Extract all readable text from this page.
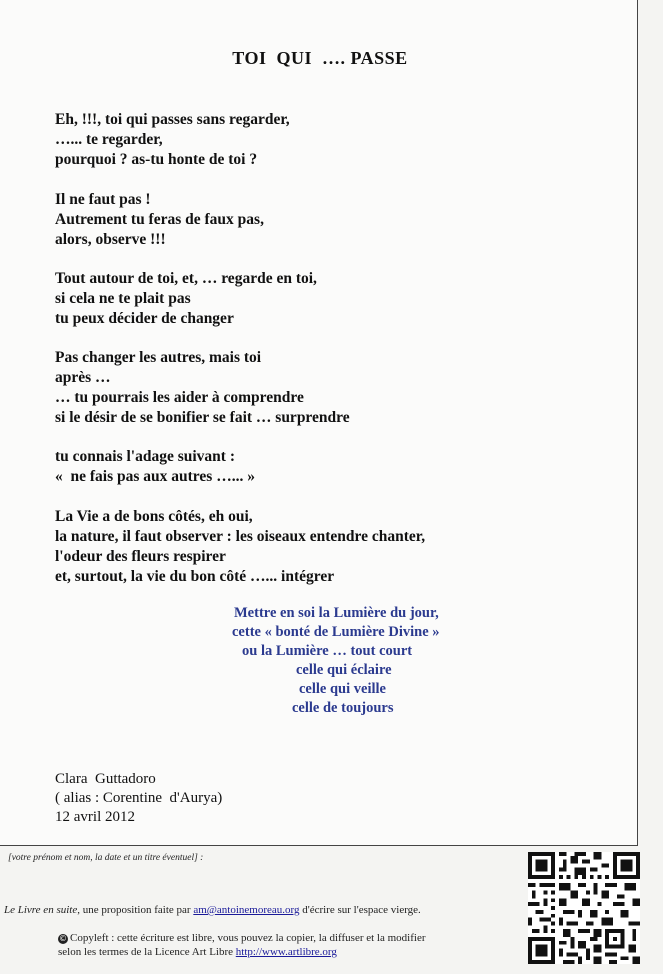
TOI  QUI  …. PASSE
Eh, !!!, toi qui passes sans regarder,
…... te regarder,
pourquoi ? as-tu honte de toi ?
Il ne faut pas !
Autrement tu feras de faux pas,
alors, observe !!!
Tout autour de toi, et, … regarde en toi,
si cela ne te plait pas
tu peux décider de changer
Pas changer les autres, mais toi
après …
… tu pourrais les aider à comprendre
si le désir de se bonifier se fait … surprendre
tu connais l'adage suivant :
«  ne fais pas aux autres …... »
La Vie a de bons côtés, eh oui,
la nature, il faut observer : les oiseaux entendre chanter,
l'odeur des fleurs respirer
et, surtout, la vie du bon côté …... intégrer
Mettre en soi la Lumière du jour,
cette « bonté de Lumière Divine »
ou la Lumière … tout court
celle qui éclaire
celle qui veille
celle de toujours
Clara  Guttadoro
( alias : Corentine  d'Aurya)
12 avril 2012
[votre prénom et nom, la date et un titre éventuel] :
Le Livre en suite, une proposition faite par am@antoinemoreau.org d'écrire sur l'espace vierge.
© Copyleft : cette écriture est libre, vous pouvez la copier, la diffuser et la modifier
selon les termes de la Licence Art Libre http://www.artlibre.org
